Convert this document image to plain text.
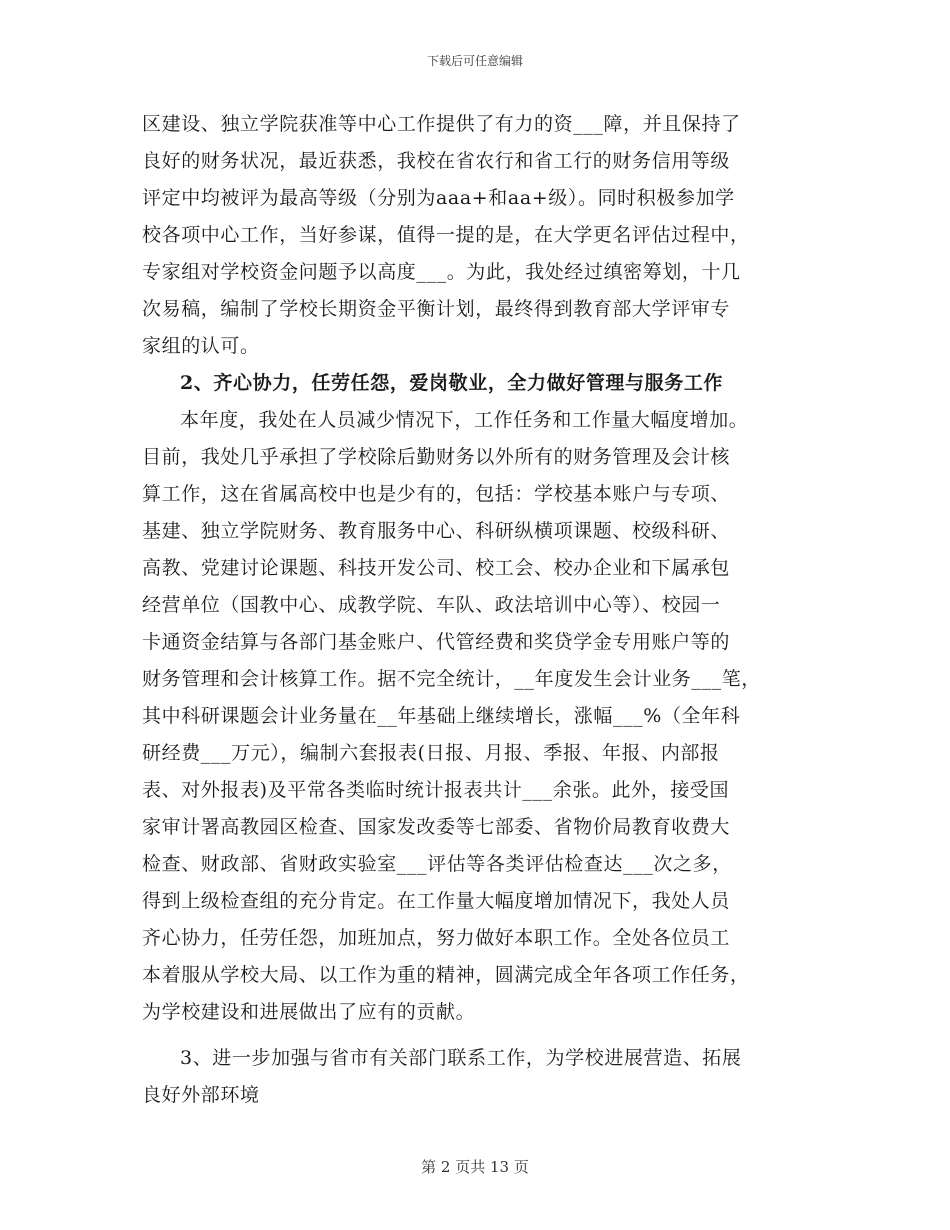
下载后可任意编辑
区建设、独立学院获准等中心工作提供了有力的资___障，并且保持了
良好的财务状况，最近获悉，我校在省农行和省工行的财务信用等级
评定中均被评为最高等级（分别为aaa+和aa+级）。同时积极参加学
校各项中心工作，当好参谋，值得一提的是，在大学更名评估过程中，
专家组对学校资金问题予以高度___。为此，我处经过缜密筹划，十几
次易稿，编制了学校长期资金平衡计划，最终得到教育部大学评审专
家组的认可。
2、齐心协力，任劳任怨，爱岗敬业，全力做好管理与服务工作
本年度，我处在人员减少情况下，工作任务和工作量大幅度增加。
目前，我处几乎承担了学校除后勤财务以外所有的财务管理及会计核
算工作，这在省属高校中也是少有的，包括：学校基本账户与专项、
基建、独立学院财务、教育服务中心、科研纵横项课题、校级科研、
高教、党建讨论课题、科技开发公司、校工会、校办企业和下属承包
经营单位（国教中心、成教学院、车队、政法培训中心等）、校园一
卡通资金结算与各部门基金账户、代管经费和奖贷学金专用账户等的
财务管理和会计核算工作。据不完全统计，__年度发生会计业务___笔，
其中科研课题会计业务量在__年基础上继续增长，涨幅___%（全年科
研经费___万元），编制六套报表(日报、月报、季报、年报、内部报
表、对外报表)及平常各类临时统计报表共计___余张。此外，接受国
家审计署高教园区检查、国家发改委等七部委、省物价局教育收费大
检查、财政部、省财政实验室___评估等各类评估检查达___次之多，
得到上级检查组的充分肯定。在工作量大幅度增加情况下，我处人员
齐心协力，任劳任怨，加班加点，努力做好本职工作。全处各位员工
本着服从学校大局、以工作为重的精神，圆满完成全年各项工作任务，
为学校建设和进展做出了应有的贡献。
3、进一步加强与省市有关部门联系工作，为学校进展营造、拓展
良好外部环境
第 2 页共 13 页
